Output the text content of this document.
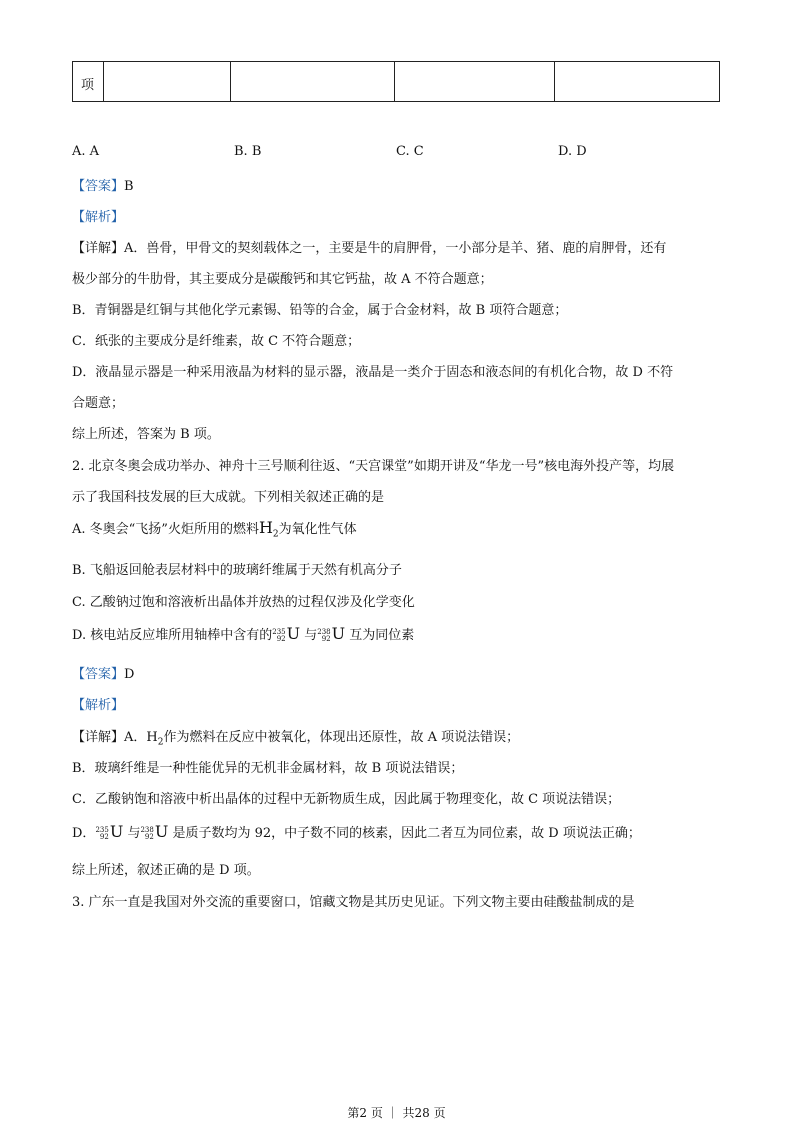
项
A. A	B. B	C. C	D. D
【答案】B
【解析】
【详解】A．兽骨，甲骨文的契刻载体之一，主要是牛的肩胛骨，一小部分是羊、猪、鹿的肩胛骨，还有
极少部分的牛肋骨，其主要成分是碳酸钙和其它钙盐，故 A 不符合题意；
B．青铜器是红铜与其他化学元素锡、铅等的合金，属于合金材料，故 B 项符合题意；
C．纸张的主要成分是纤维素，故 C 不符合题意；
D．液晶显示器是一种采用液晶为材料的显示器，液晶是一类介于固态和液态间的有机化合物，故 D 不符
合题意；
综上所述，答案为 B 项。
2. 北京冬奥会成功举办、神舟十三号顺利往返、“天宫课堂”如期开讲及“华龙一号”核电海外投产等，均展
示了我国科技发展的巨大成就。下列相关叙述正确的是
A. 冬奥会“飞扬”火炬所用的燃料$H_2$为氧化性气体
B. 飞船返回舱表层材料中的玻璃纤维属于天然有机高分子
C. 乙酸钠过饱和溶液析出晶体并放热的过程仅涉及化学变化
D. 核电站反应堆所用轴棒中含有的 235
92 U 与 238
92 U 互为同位素
【答案】D
【解析】
【详解】A．$H_2$作为燃料在反应中被氧化，体现出还原性，故 A 项说法错误；
B．玻璃纤维是一种性能优异的无机非金属材料，故 B 项说法错误；
C．乙酸钠饱和溶液中析出晶体的过程中无新物质生成，因此属于物理变化，故 C 项说法错误；
D． 235
92 U 与 238
92 U 是质子数均为 92，中子数不同的核素，因此二者互为同位素，故 D 项说法正确；
综上所述，叙述正确的是 D 项。
3. 广东一直是我国对外交流的重要窗口，馆藏文物是其历史见证。下列文物主要由硅酸盐制成的是
第2 页 ｜ 共28 页
